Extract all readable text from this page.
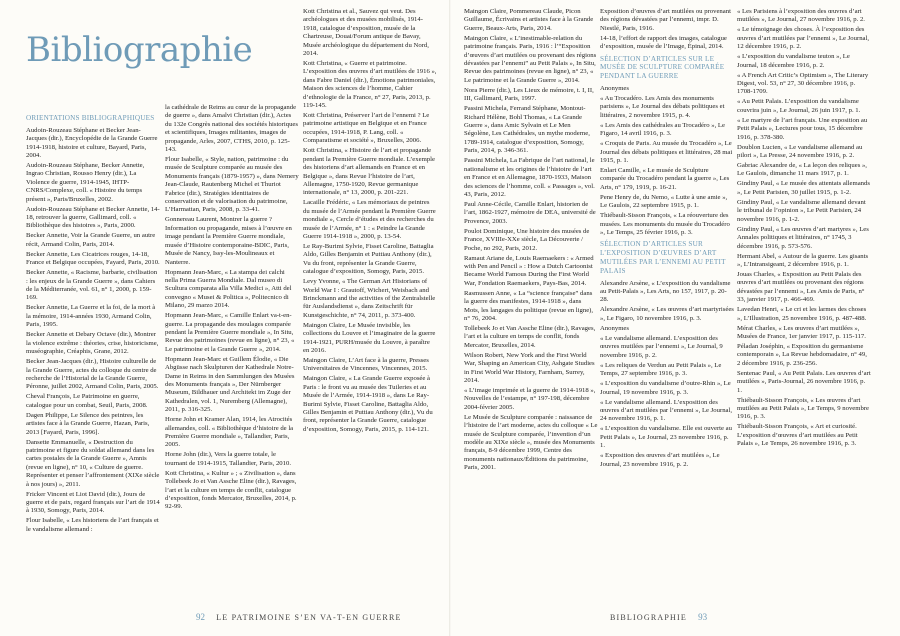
Bibliographie
ORIENTATIONS BIBLIOGRAPHIQUES

Audoin-Rouzeau Stéphane et Becker Jean-Jacques (dir.), Encyclopédie de la Grande Guerre 1914-1918, histoire et culture, Bayard, Paris, 2004.

Audoin-Rouzeau Stéphane, Becker Annette, Ingrao Christian, Rousso Henry (dir.), La Violence de guerre, 1914-1945, IHTP-CNRS/Complexe, coll. « Histoire du temps présent », Paris/Bruxelles, 2002.

Audoin-Rouzeau Stéphane et Becker Annette, 14-18, retrouver la guerre, Gallimard, coll. « Bibliothèque des histoires », Paris, 2000.

Becker Annette, Voir la Grande Guerre, un autre récit, Armand Colin, Paris, 2014.

Becker Annette, Les Cicatrices rouges, 14-18, France et Belgique occupées, Fayard, Paris, 2010.

Becker Annette, « Racisme, barbarie, civilisation : les enjeux de la Grande Guerre », dans Cahiers de la Méditerranée, vol. 61, n° 1, 2000, p. 159-169.

Becker Annette, La Guerre et la foi, de la mort à la mémoire, 1914-années 1930, Armand Colin, Paris, 1995.

Becker Annette et Debary Octave (dir.), Montrer la violence extrême : théories, crise, historicisme, muséographie, Créaphis, Grane, 2012.

Becker Jean-Jacques (dir.), Histoire culturelle de la Grande Guerre, actes du colloque du centre de recherche de l’Historial de la Grande Guerre, Péronne, juillet 2002, Armand Colin, Paris, 2005.

Cheval François, Le Patrimoine en guerre, catalogue pour un combat, Seuil, Paris, 2008.

Dagen Philippe, Le Silence des peintres, les artistes face à la Grande Guerre, Hazan, Paris, 2013 [Fayard, Paris, 1996].

Dansette Emmanuelle, « Destruction du patrimoine et figure du soldat allemand dans les cartes postales de la Grande Guerre », Amnis (revue en ligne), n° 10, « Culture de guerre. Représenter et penser l’affrontement (XIXe siècle à nos jours) », 2011.

Fricker Vincent et Liot David (dir.), Jours de guerre et de paix, regard français sur l’art de 1914 à 1930, Somogy, Paris, 2014.

Flour Isabelle, « Les historiens de l’art français et le vandalisme allemand :

la cathédrale de Reims au cœur de la propagande de guerre », dans Amalvi Christian (dir.), Actes du 132e Congrès national des sociétés historiques et scientifiques, Images militantes, images de propagande, Arles, 2007, CTHS, 2010, p. 125-143.

Flour Isabelle, « Style, nation, patrimoine : du musée de Sculpture comparée au musée des Monuments français (1879-1957) », dans Nemery Jean-Claude, Rautenberg Michel et Thuriot Fabrice (dir.), Stratégies identitaires de conservation et de valorisation du patrimoine, L’Harmattan, Paris, 2008, p. 33-41.

Gonnereau Laurent, Montrer la guerre ? Information ou propagande, mises à l’œuvre en image pendant la Première Guerre mondiale, musée d’Histoire contemporaine-BDIC, Paris, Musée de Nancy, Issy-les-Moulineaux et Nanterre.

Hopmann Jean-Marc, « La stampa dei calchi nella Prima Guerra Mondiale. Dal museo di Scultura comparata alla Villa Medici », Atti del convegno « Musei & Politica », Politecnico di Milano, 29 marzo 2014.

Hopmann Jean-Marc, « Camille Enlart va-t-en-guerre. La propagande des moulages comparée pendant la Première Guerre mondiale », In Situ, Revue des patrimoines (revue en ligne), n° 23, « Le patrimoine et la Grande Guerre », 2014.

Hopmann Jean-Marc et Guillem Élodie, « Die Abgüsse nach Skulpturen der Kathedrale Notre-Dame in Reims in den Sammlungen des Musées des Monuments français », Der Nürnberger Museum, Bildhauer und Architekt im Zuge der Kathedralen, vol. 1, Nuremberg (Allemagne), 2011, p. 316-325.

Horne John et Kramer Alan, 1914, les Atrocités allemandes, coll. « Bibliothèque d’histoire de la Première Guerre mondiale », Tallandier, Paris, 2005.

Horne John (dir.), Vers la guerre totale, le tournant de 1914-1915, Tallandier, Paris, 2010.

Kott Christina, « Kultur » ; « Zivilisation », dans Tollebeek Jo et Van Assche Eline (dir.), Ravages, l’art et la culture en temps de conflit, catalogue d’exposition, fonds Mercator, Bruxelles, 2014, p. 92-99.

Kott Christina et al., Sauvez qui veut. Des archéologues et des musées mobilisés, 1914-1918, catalogue d’exposition, musée de la Chartreuse, Douai/Forum antique de Bavay, Musée archéologique du département du Nord, 2014.

Kott Christina, « Guerre et patrimoine. L’exposition des œuvres d’art mutilées de 1916 », dans Fabre Daniel (dir.), Émotions patrimoniales, Maison des sciences de l’homme, Cahier d’ethnologie de la France, n° 27, Paris, 2013, p. 119-145.

Kott Christina, Préserver l’art de l’ennemi ? Le patrimoine artistique en Belgique et en France occupées, 1914-1918, P. Lang, coll. « Comparatisme et société », Bruxelles, 2006.

Kott Christina, « Histoire de l’art et propagande pendant la Première Guerre mondiale. L’exemple des historiens d’art allemands en France et en Belgique », dans Revue l’histoire de l’art, Allemagne, 1750-1920, Revue germanique internationale, n° 13, 2000, p. 201-221.

Lacaille Frédéric, « Les mémoriaux de peintres du musée de l’Armée pendant la Première Guerre mondiale », Cercle d’études et des recherches du musée de l’Armée, n° 1 : « Peindre la Grande Guerre 1914-1918 », 2000, p. 13-54.

Le Ray-Burimi Sylvie, Fisset Caroline, Battaglia Aldo, Gilles Benjamin et Puttiau Anthony (dir.), Vu du front, représenter la Grande Guerre, catalogue d’exposition, Somogy, Paris, 2015.

Levy Yvonne, « The German Art Historians of World War I : Grautoff, Wichert, Weisbach and Brinckmann and the activities of the Zentralstelle für Auslandsdienst », dans Zeitschrift für Kunstgeschichte, n° 74, 2011, p. 373-400.

Maingon Claire, Le Musée invisible, les collections du Louvre et l’imaginaire de la guerre 1914-1921, PURH/musée du Louvre, à paraître en 2016.

Maingon Claire, L’Art face à la guerre, Presses Universitaires de Vincennes, Vincennes, 2015.

Maingon Claire, « La Grande Guerre exposée à Paris : le front vu au musée des Tuileries et au Musée de l’Armée, 1914-1918 », dans Le Ray-Burimi Sylvie, Fisset Caroline, Battaglia Aldo, Gilles Benjamin et Puttiau Anthony (dir.), Vu du front, représenter la Grande Guerre, catalogue d’exposition, Somogy, Paris, 2015, p. 114-121.

92 LE PATRIMOINE S’EN VA-T-EN GUERRE

Maingon Claire, Pommereau Claude, Picon Guillaume, Écrivains et artistes face à la Grande Guerre, Beaux-Arts, Paris, 2014.

Maingon Claire, « L’inestimable-relation du patrimoine français. Paris, 1916 : l’“Exposition d’œuvres d’art mutilées ou provenant des régions dévastées par l’ennemi” au Petit Palais », In Situ, Revue des patrimoines (revue en ligne), n° 23, « Le patrimoine et la Grande Guerre », 2014.

Nora Pierre (dir.), Les Lieux de mémoire, t. I, II, III, Gallimard, Paris, 1997.

Passini Michela, Ferrand Stéphane, Montout-Richard Hélène, Bohl Thomas, « La Grande Guerre », dans Amic Sylvain et Le Men Ségolène, Les Cathédrales, un mythe moderne, 1789-1914, catalogue d’exposition, Somogy, Paris, 2014, p. 346-361.

Passini Michela, La Fabrique de l’art national, le nationalisme et les origines de l’histoire de l’art en France et en Allemagne, 1870-1933, Maison des sciences de l’homme, coll. « Passages », vol. 43, Paris, 2012.

Paul Anne-Cécile, Camille Enlart, historien de l’art, 1862-1927, mémoire de DEA, université de Provence, 2003.

Poulot Dominique, Une histoire des musées de France, XVIIIe-XXe siècle, La Découverte / Poche, no 292, Paris, 2012.

Ramaut Ariane de, Louis Raemaekers : « Armed with Pen and Pencil » : How a Dutch Cartoonist Became World Famous During the First World War, Fondation Raemaekers, Pays-Bas, 2014.

Rasmussen Anne, « La “science française” dans la guerre des manifestes, 1914-1918 », dans Mots, les langages du politique (revue en ligne), n° 76, 2004.

Tollebeek Jo et Van Assche Eline (dir.), Ravages, l’art et la culture en temps de conflit, fonds Mercator, Bruxelles, 2014.

Wilson Robert, New York and the First World War, Shaping an American City, Ashgate Studies in First World War History, Farnham, Surrey, 2014.

« L’image imprimée et la guerre de 1914-1918 », Nouvelles de l’estampe, n° 197-198, décembre 2004-février 2005.

Le Musée de Sculpture comparée : naissance de l’histoire de l’art moderne, actes du colloque « Le musée de Sculpture comparée, l’invention d’un modèle au XIXe siècle », musée des Monuments français, 8-9 décembre 1999, Centre des monuments nationaux/Éditions du patrimoine, Paris, 2001.

Exposition d’œuvres d’art mutilées ou provenant des régions dévastées par l’ennemi, impr. D. Niestlé, Paris, 1916.

14-18, l’effort de rapport des images, catalogue d’exposition, musée de l’Image, Épinal, 2014.

SÉLECTION D’ARTICLES SUR LE MUSÉE DE SCULPTURE COMPARÉE PENDANT LA GUERRE

Anonymes

« Au Trocadéro. Les Amis des monuments parisiens », Le Journal des débats politiques et littéraires, 2 novembre 1915, p. 4.

« Les Amis des cathédrales au Trocadéro », Le Figaro, 14 avril 1916, p. 3.

« Croquis de Paris. Au musée du Trocadéro », Le Journal des débats politiques et littéraires, 28 mai 1915, p. 1.

Enlart Camille, « Le musée de Sculpture comparée du Trocadéro pendant la guerre », Les Arts, n° 179, 1919, p. 16-21.

Pene Henry de, du Nemo, « Lutte à une amie », Le Gaulois, 22 septembre 1915, p. 1.

Thiébault-Sisson François, « La réouverture des musées. Les monuments du musée du Trocadéro », Le Temps, 25 février 1916, p. 3.

SÉLECTION D’ARTICLES SUR L’EXPOSITION D’ŒUVRES D’ART MUTILÉES PAR L’ENNEMI AU PETIT PALAIS

Alexandre Arsène, « L’exposition du vandalisme au Petit-Palais », Les Arts, no 157, 1917, p. 20-28.

Alexandre Arsène, « Les œuvres d’art martyrisées », Le Figaro, 10 novembre 1916, p. 3.

Anonymes

« Le vandalisme allemand. L’exposition des œuvres mutilées par l’ennemi », Le Journal, 9 novembre 1916, p. 2.

« Les reliques de Verdun au Petit Palais », Le Temps, 27 septembre 1916, p. 3.

« L’exposition du vandalisme d’outre-Rhin », Le Journal, 19 novembre 1916, p. 3.

« Le vandalisme allemand. L’exposition des œuvres d’art mutilées par l’ennemi », Le Journal, 24 novembre 1916, p. 1.

« L’exposition du vandalisme. Elle est ouverte au Petit Palais », Le Journal, 23 novembre 1916, p. 1.

« Exposition des œuvres d’art mutilées », Le Journal, 23 novembre 1916, p. 2.

« Les Parisiens à l’exposition des œuvres d’art mutilées », Le Journal, 27 novembre 1916, p. 2.

« Le témoignage des choses. À l’exposition des œuvres d’art mutilées par l’ennemi », Le Journal, 12 décembre 1916, p. 2.

« L’exposition du vandalisme teuton », Le Journal, 18 décembre 1916, p. 2.

« A French Art Critic’s Optimism », The Literary Digest, vol. 53, n° 27, 30 décembre 1916, p. 1708-1709.

« Au Petit Palais. L’exposition du vandalisme couvrira juin », Le Journal, 26 juin 1917, p. 1.

« Le martyre de l’art français. Une exposition au Petit Palais », Lectures pour tous, 15 décembre 1916, p. 378-380.

Doublon Lucien, « Le vandalisme allemand au pilori », La Presse, 24 novembre 1916, p. 2.

Gabriac Alexandre de, « La leçon des reliques », Le Gaulois, dimanche 11 mars 1917, p. 1.

Gindiny Paul, « Le musée des attentats allemands », Le Petit Parisien, 30 juillet 1915, p. 1-2.

Gindiny Paul, « Le vandalisme allemand devant le tribunal de l’opinion », Le Petit Parisien, 24 novembre 1916, p. 1-2.

Gindiny Paul, « Les œuvres d’art martyres », Les Annales politiques et littéraires, n° 1745, 3 décembre 1916, p. 573-576.

Hermant Abel, « Autour de la guerre. Les gisants », L’Intransigeant, 2 décembre 1916, p. 1.

Jouas Charles, « Exposition au Petit Palais des œuvres d’art mutilées ou provenant des régions dévastées par l’ennemi », Les Amis de Paris, n° 33, janvier 1917, p. 466-469.

Lavedan Henri, « Le cri et les larmes des choses », L’Illustration, 25 novembre 1916, p. 487-488.

Mérat Charles, « Les œuvres d’art mutilées », Musées de France, 1er janvier 1917, p. 115-117.

Péladan Joséphin, « Exposition du germanisme contemporain », La Revue hebdomadaire, n° 49, 2 décembre 1916, p. 236-256.

Sentenac Paul, « Au Petit Palais. Les œuvres d’art mutilées », Paris-Journal, 26 novembre 1916, p. 1.

Thiébault-Sisson François, « Les œuvres d’art mutilées au Petit Palais », Le Temps, 9 novembre 1916, p. 3.

Thiébault-Sisson François, « Art et curiosité. L’exposition d’œuvres d’art mutilées au Petit Palais », Le Temps, 26 novembre 1916, p. 3.

BIBLIOGRAPHIE 93
